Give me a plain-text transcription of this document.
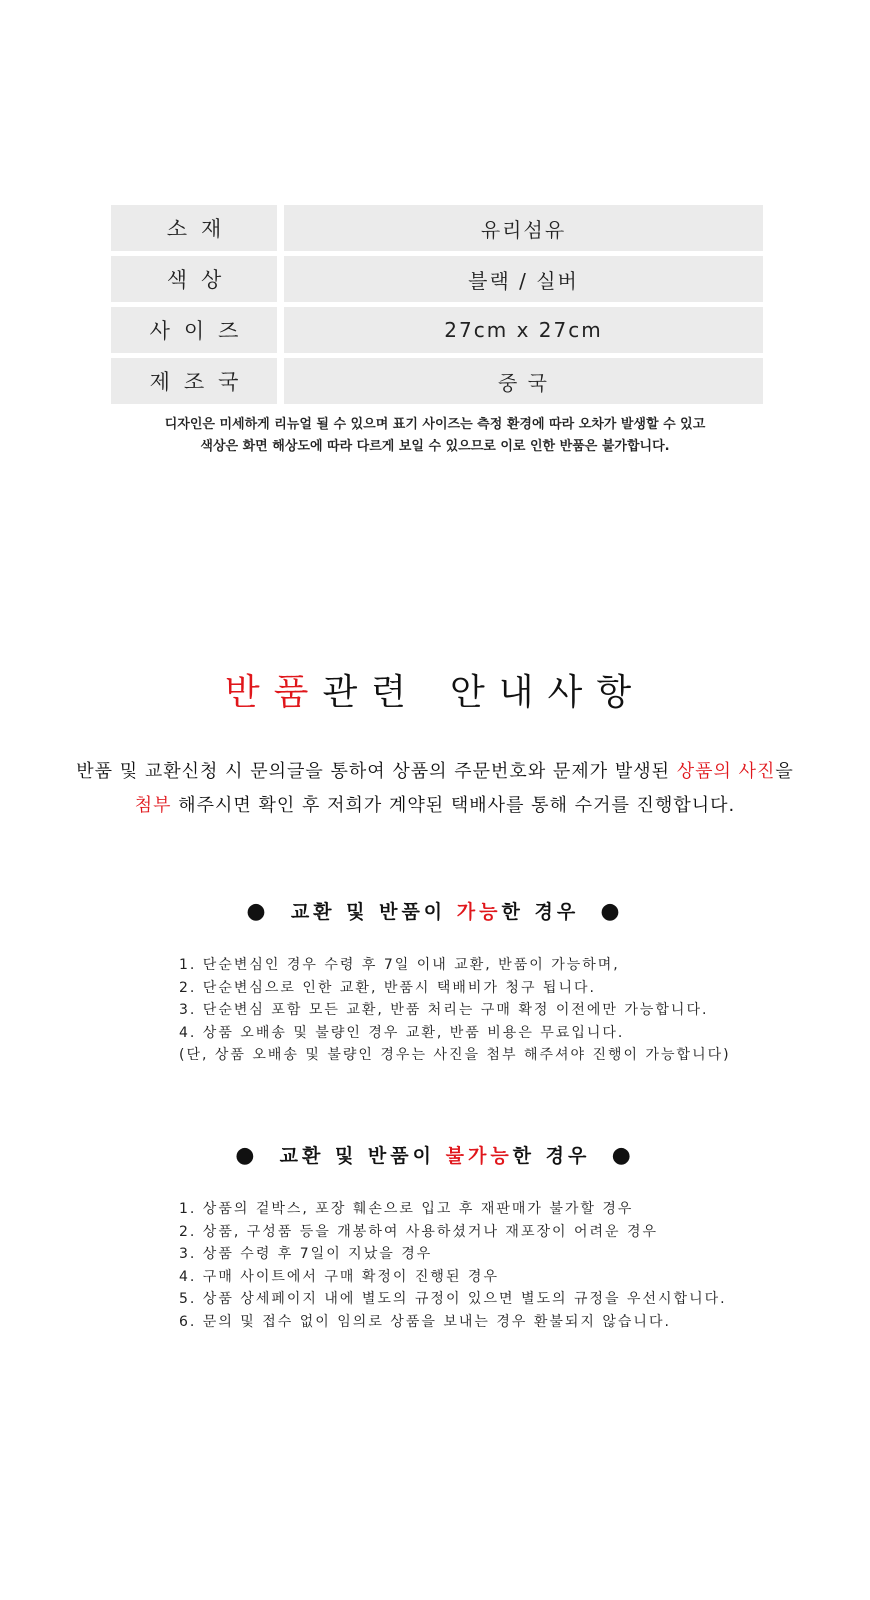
소재	유리섬유
색상	블랙 / 실버
사이즈	27cm x 27cm
제조국	중 국
디자인은 미세하게 리뉴얼 될 수 있으며 표기 사이즈는 측정 환경에 따라 오차가 발생할 수 있고
색상은 화면 해상도에 따라 다르게 보일 수 있으므로 이로 인한 반품은 불가합니다.
반품관련 안내사항
반품 및 교환신청 시 문의글을 통하여 상품의 주문번호와 문제가 발생된 상품의 사진을
첨부 해주시면 확인 후 저희가 계약된 택배사를 통해 수거를 진행합니다.
● 교환 및 반품이 가능한 경우 ●
1. 단순변심인 경우 수령 후 7일 이내 교환, 반품이 가능하며,
2. 단순변심으로 인한 교환, 반품시 택배비가 청구 됩니다.
3. 단순변심 포함 모든 교환, 반품 처리는 구매 확정 이전에만 가능합니다.
4. 상품 오배송 및 불량인 경우 교환, 반품 비용은 무료입니다.
(단, 상품 오배송 및 불량인 경우는 사진을 첨부 해주셔야 진행이 가능합니다)
● 교환 및 반품이 불가능한 경우 ●
1. 상품의 겉박스, 포장 훼손으로 입고 후 재판매가 불가할 경우
2. 상품, 구성품 등을 개봉하여 사용하셨거나 재포장이 어려운 경우
3. 상품 수령 후 7일이 지났을 경우
4. 구매 사이트에서 구매 확정이 진행된 경우
5. 상품 상세페이지 내에 별도의 규정이 있으면 별도의 규정을 우선시합니다.
6. 문의 및 접수 없이 임의로 상품을 보내는 경우 환불되지 않습니다.
